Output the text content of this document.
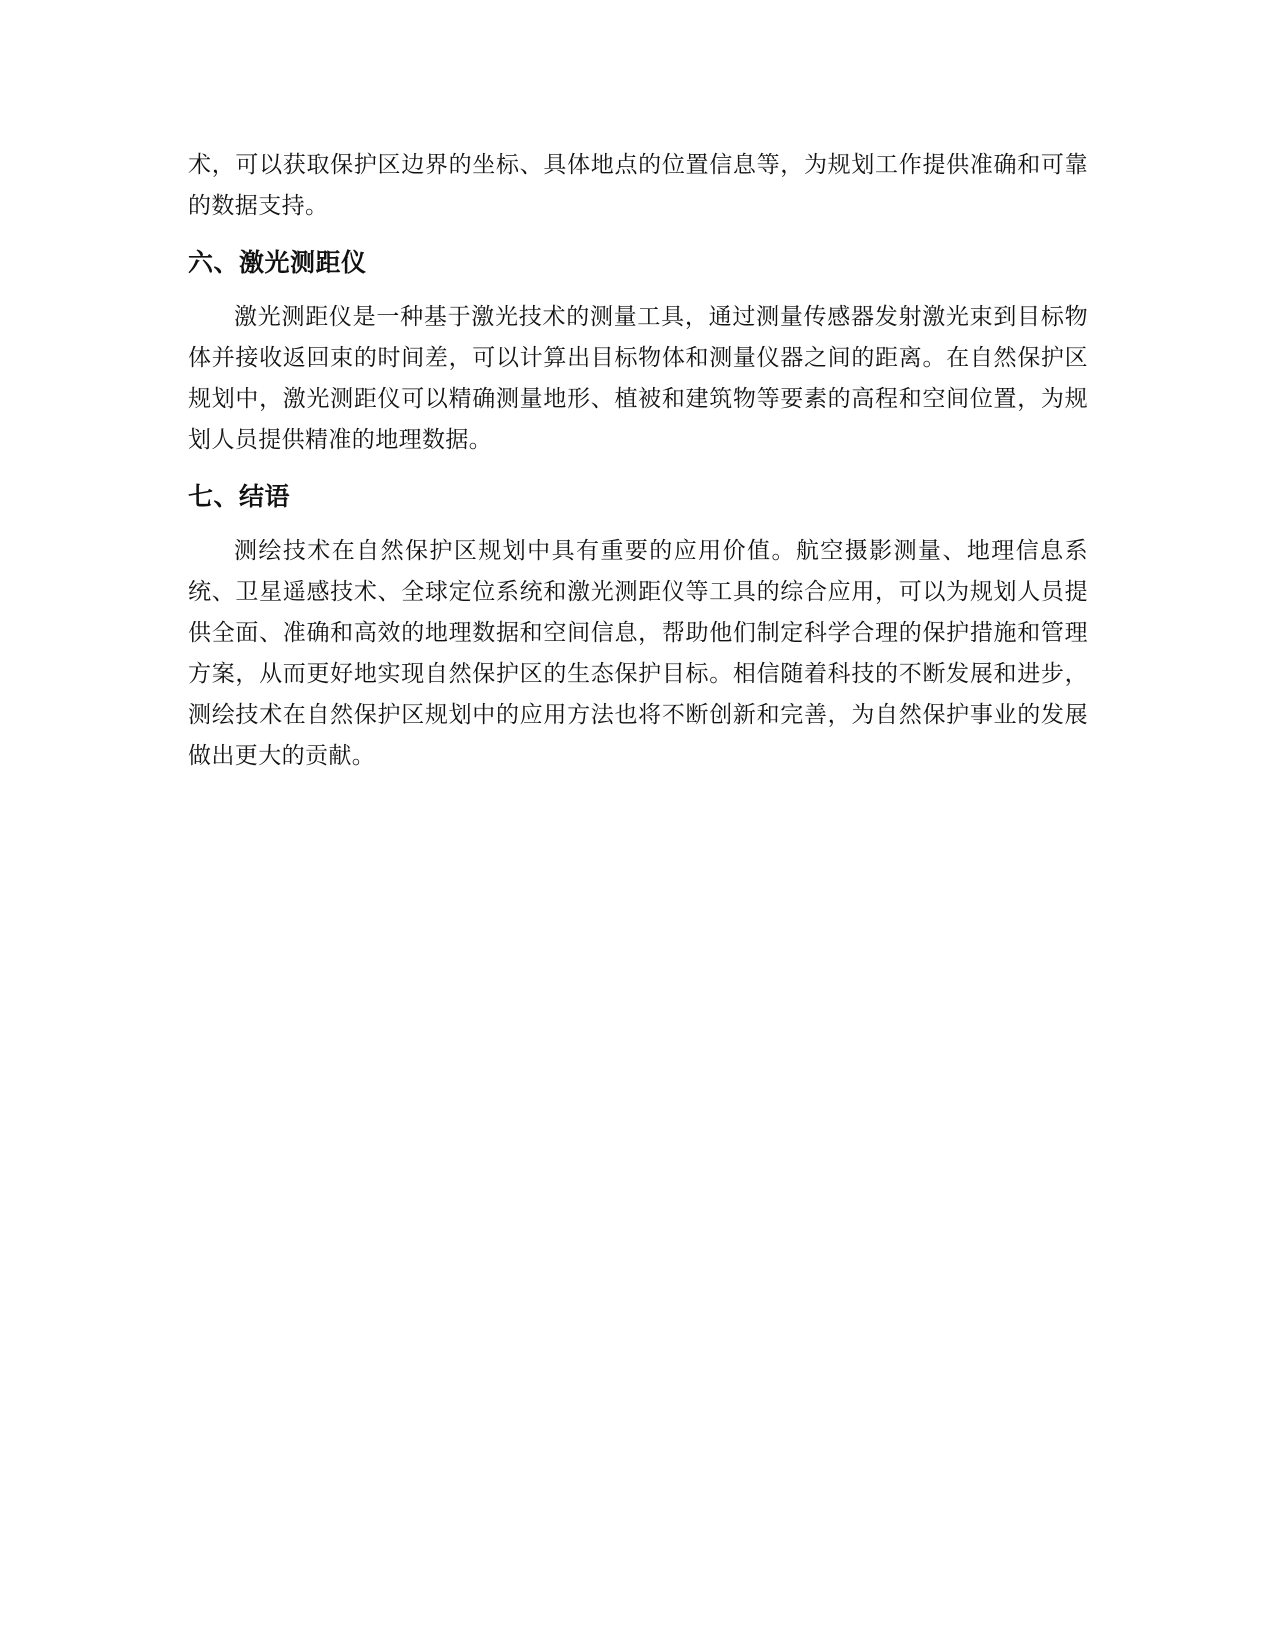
术，可以获取保护区边界的坐标、具体地点的位置信息等，为规划工作提供准确和可靠的数据支持。

六、激光测距仪

激光测距仪是一种基于激光技术的测量工具，通过测量传感器发射激光束到目标物体并接收返回束的时间差，可以计算出目标物体和测量仪器之间的距离。在自然保护区规划中，激光测距仪可以精确测量地形、植被和建筑物等要素的高程和空间位置，为规划人员提供精准的地理数据。

七、结语

测绘技术在自然保护区规划中具有重要的应用价值。航空摄影测量、地理信息系统、卫星遥感技术、全球定位系统和激光测距仪等工具的综合应用，可以为规划人员提供全面、准确和高效的地理数据和空间信息，帮助他们制定科学合理的保护措施和管理方案，从而更好地实现自然保护区的生态保护目标。相信随着科技的不断发展和进步，测绘技术在自然保护区规划中的应用方法也将不断创新和完善，为自然保护事业的发展做出更大的贡献。
